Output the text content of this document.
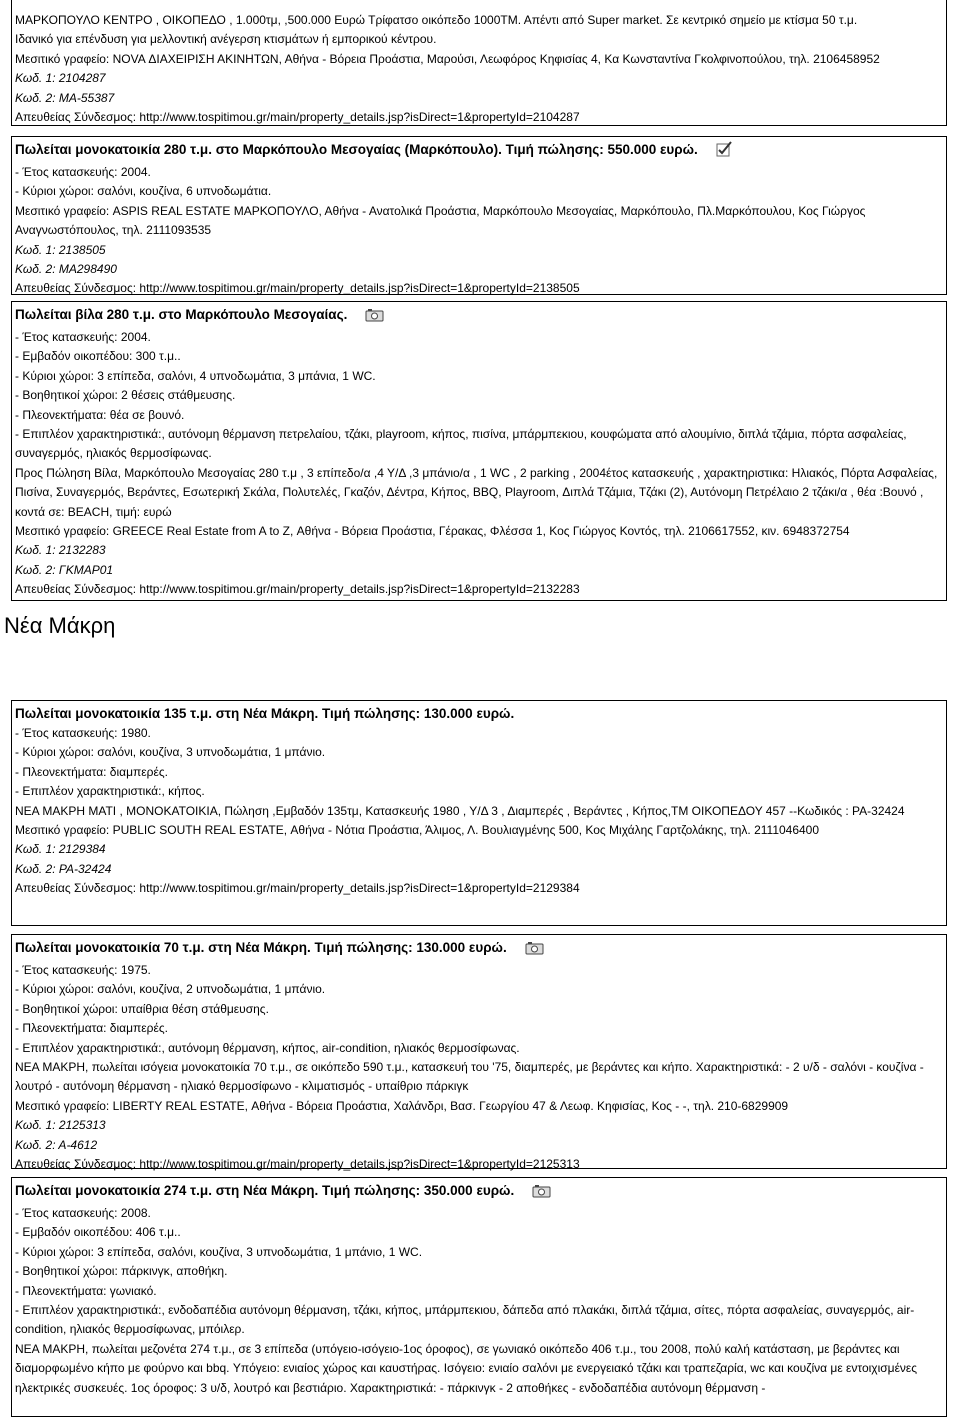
ΜΑΡΚΟΠΟΥΛΟ ΚΕΝΤΡΟ , ΟΙΚΟΠΕΔΟ , 1.000τμ, ,500.000 Ευρώ Τρίφατσο οικόπεδο 1000ΤΜ. Απέντι από Super market. Σε κεντρικό σημείο με κτίσμα 50 τ.μ.
Ιδανικό για επένδυση για μελλοντική ανέγερση κτισμάτων ή εμπορικού κέντρου.
Μεσιτικό γραφείο: NOVA ΔΙΑΧΕΙΡΙΣΗ ΑΚΙΝΗΤΩΝ, Αθήνα - Βόρεια Προάστια, Μαρούσι, Λεωφόρος Κηφισίας 4, Κα Κωνσταντίνα Γκολφινοπούλου, τηλ. 2106458952
Κωδ. 1: 2104287
Κωδ. 2: ΜΑ-55387
Απευθείας Σύνδεσμος: http://www.tospitimou.gr/main/property_details.jsp?isDirect=1&propertyId=2104287
Πωλείται μονοκατοικία 280 τ.μ. στο Μαρκόπουλο Μεσογαίας (Μαρκόπουλο). Τιμή πώλησης: 550.000 ευρώ.
- Έτος κατασκευής: 2004.
- Κύριοι χώροι: σαλόνι, κουζίνα, 6 υπνοδωμάτια.
Μεσιτικό γραφείο: ASPIS REAL ESTATE ΜΑΡΚΟΠΟΥΛΟ, Αθήνα - Ανατολικά Προάστια, Μαρκόπουλο Μεσογαίας, Μαρκόπουλο, Πλ.Μαρκόπουλου, Κος Γιώργος Αναγνωστόπουλος, τηλ. 2111093535
Κωδ. 1: 2138505
Κωδ. 2: ΜΑ298490
Απευθείας Σύνδεσμος: http://www.tospitimou.gr/main/property_details.jsp?isDirect=1&propertyId=2138505
Πωλείται βίλα 280 τ.μ. στο Μαρκόπουλο Μεσογαίας.
- Έτος κατασκευής: 2004.
- Εμβαδόν οικοπέδου: 300 τ.μ..
- Κύριοι χώροι: 3 επίπεδα, σαλόνι, 4 υπνοδωμάτια, 3 μπάνια, 1 WC.
- Βοηθητικοί χώροι: 2 θέσεις στάθμευσης.
- Πλεονεκτήματα: θέα σε βουνό.
- Επιπλέον χαρακτηριστικά:, αυτόνομη θέρμανση πετρελαίου, τζάκι, playroom, κήπος, πισίνα, μπάρμπεκιου, κουφώματα από αλουμίνιο, διπλά τζάμια, πόρτα ασφαλείας, συναγερμός, ηλιακός θερμοσίφωνας.
Προς Πώληση Βίλα, Μαρκόπουλο Μεσογαίας 280 τ.μ , 3 επίπεδο/α ,4 Υ/Δ ,3 μπάνιο/α , 1 WC , 2 parking , 2004έτος κατασκευής , χαρακτηριστικα: Ηλιακός, Πόρτα Ασφαλείας, Πισίνα, Συναγερμός, Βεράντες, Εσωτερική Σκάλα, Πολυτελές, Γκαζόν, Δέντρα, Κήπος, BBQ, Playroom, Διπλά Τζάμια, Τζάκι (2), Αυτόνομη Πετρέλαιο 2 τζάκι/α , θέα :Βουνό , κοντά σε: BEACH, τιμή: ευρώ
Μεσιτικό γραφείο: GREECE Real Estate from A to Z, Αθήνα - Βόρεια Προάστια, Γέρακας, Φλέσσα 1, Κος Γιώργος Κοντός, τηλ. 2106617552, κιν. 6948372754
Κωδ. 1: 2132283
Κωδ. 2: ΓΚΜΑΡ01
Απευθείας Σύνδεσμος: http://www.tospitimou.gr/main/property_details.jsp?isDirect=1&propertyId=2132283
Νέα Μάκρη
Πωλείται μονοκατοικία 135 τ.μ. στη Νέα Μάκρη. Τιμή πώλησης: 130.000 ευρώ.
- Έτος κατασκευής: 1980.
- Κύριοι χώροι: σαλόνι, κουζίνα, 3 υπνοδωμάτια, 1 μπάνιο.
- Πλεονεκτήματα: διαμπερές.
- Επιπλέον χαρακτηριστικά:, κήπος.
ΝΕΑ ΜΑΚΡΗ ΜΑΤΙ , ΜΟΝΟΚΑΤΟΙΚΙΑ, Πώληση ,Εμβαδόν 135τμ, Κατασκευής 1980 , Υ/Δ 3 , Διαμπερές , Βεράντες , Κήπος,ΤΜ ΟΙΚΟΠΕΔΟΥ 457 --Κωδικός : ΡΑ-32424
Μεσιτικό γραφείο: PUBLIC SOUTH REAL ESTATE, Αθήνα - Νότια Προάστια, Άλιμος, Λ. Βουλιαγμένης 500, Κος Μιχάλης Γαρτζολάκης, τηλ. 2111046400
Κωδ. 1: 2129384
Κωδ. 2: ΡΑ-32424
Απευθείας Σύνδεσμος: http://www.tospitimou.gr/main/property_details.jsp?isDirect=1&propertyId=2129384
Πωλείται μονοκατοικία 70 τ.μ. στη Νέα Μάκρη. Τιμή πώλησης: 130.000 ευρώ.
- Έτος κατασκευής: 1975.
- Κύριοι χώροι: σαλόνι, κουζίνα, 2 υπνοδωμάτια, 1 μπάνιο.
- Βοηθητικοί χώροι: υπαίθρια θέση στάθμευσης.
- Πλεονεκτήματα: διαμπερές.
- Επιπλέον χαρακτηριστικά:, αυτόνομη θέρμανση, κήπος, air-condition, ηλιακός θερμοσίφωνας.
ΝΕΑ ΜΑΚΡΗ, πωλείται ισόγεια μονοκατοικία 70 τ.μ., σε οικόπεδο 590 τ.μ., κατασκευή του '75, διαμπερές, με βεράντες και κήπο. Χαρακτηριστικά: - 2 υ/δ - σαλόνι - κουζίνα - λουτρό - αυτόνομη θέρμανση - ηλιακό θερμοσίφωνο - κλιματισμός - υπαίθριο πάρκιγκ
Μεσιτικό γραφείο: LIBERTY REAL ESTATE, Αθήνα - Βόρεια Προάστια, Χαλάνδρι, Βασ. Γεωργίου 47 & Λεωφ. Κηφισίας, Κος - -, τηλ. 210-6829909
Κωδ. 1: 2125313
Κωδ. 2: Α-4612
Απευθείας Σύνδεσμος: http://www.tospitimou.gr/main/property_details.jsp?isDirect=1&propertyId=2125313
Πωλείται μονοκατοικία 274 τ.μ. στη Νέα Μάκρη. Τιμή πώλησης: 350.000 ευρώ.
- Έτος κατασκευής: 2008.
- Εμβαδόν οικοπέδου: 406 τ.μ..
- Κύριοι χώροι: 3 επίπεδα, σαλόνι, κουζίνα, 3 υπνοδωμάτια, 1 μπάνιο, 1 WC.
- Βοηθητικοί χώροι: πάρκινγκ, αποθήκη.
- Πλεονεκτήματα: γωνιακό.
- Επιπλέον χαρακτηριστικά:, ενδοδαπέδια αυτόνομη θέρμανση, τζάκι, κήπος, μπάρμπεκιου, δάπεδα από πλακάκι, διπλά τζάμια, σίτες, πόρτα ασφαλείας, συναγερμός, air-condition, ηλιακός θερμοσίφωνας, μπόιλερ.
ΝΕΑ ΜΑΚΡΗ, πωλείται μεζονέτα 274 τ.μ., σε 3 επίπεδα (υπόγειο-ισόγειο-1ος όροφος), σε γωνιακό οικόπεδο 406 τ.μ., του 2008, πολύ καλή κατάσταση, με βεράντες και διαμορφωμένο κήπο με φούρνο και bbq. Υπόγειο: ενιαίος χώρος και καυστήρας. Ισόγειο: ενιαίο σαλόνι με ενεργειακό τζάκι και τραπεζαρία, wc και κουζίνα με εντοιχισμένες ηλεκτρικές συσκευές. 1ος όροφος: 3 υ/δ, λουτρό και βεστιάριο. Χαρακτηριστικά: - πάρκινγκ - 2 αποθήκες - ενδοδαπέδια αυτόνομη θέρμανση -
